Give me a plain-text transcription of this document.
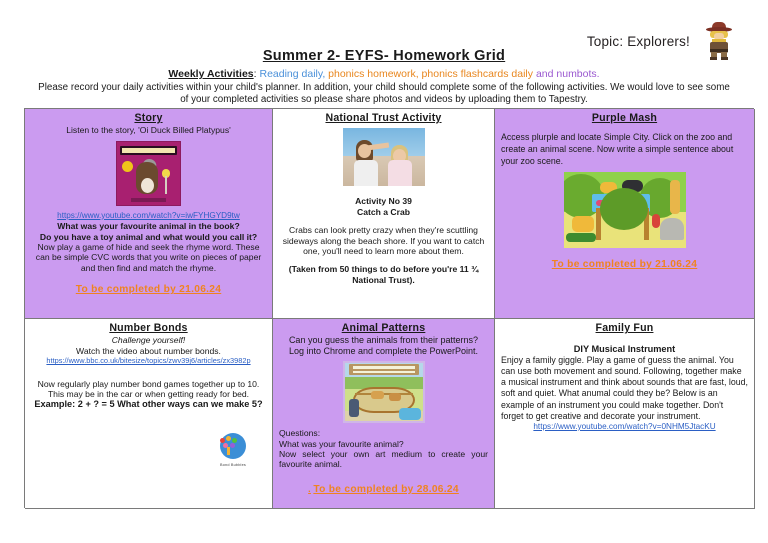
Topic: Explorers!
Summer 2- EYFS- Homework Grid
Weekly Activities: Reading daily, phonics homework, phonics flashcards daily and numbots.
Please record your daily activities within your child's planner. In addition, your child should complete some of the following activities. We would love to see some of your completed activities so please share photos and videos by uploading them to Tapestry.
Story
Listen to the story, 'Oi Duck Billed Platypus'
https://www.youtube.com/watch?v=iwFYHGYD9tw
What was your favourite animal in the book?
Do you have a toy animal and what would you call it?
Now play a game of hide and seek the rhyme word. These can be simple CVC words that you write on pieces of paper and then find and match the rhyme.
To be completed by 21.06.24
National Trust Activity
Activity No 39
Catch a Crab
Crabs can look pretty crazy when they're scuttling sideways along the beach shore. If you want to catch one, you'll need to learn more about them.
(Taken from 50 things to do before you're 11 ¾ National Trust).
Purple Mash
Access plurple and locate Simple City. Click on the zoo and create an animal scene. Now write a simple sentence about your zoo scene.
To be completed by 21.06.24
Number Bonds
Challenge yourself!
Watch the video about number bonds.
https://www.bbc.co.uk/bitesize/topics/zwv39j6/articles/zx3982p
Now regularly play number bond games together up to 10.
This may be in the car or when getting ready for bed.
Example: 2 + ? = 5 What other ways can we make 5?
Bond Bubbles
Animal Patterns
Can you guess the animals from their patterns?
Log into Chrome and complete the PowerPoint.
Questions:
What was your favourite animal?
Now select your own art medium to create your favourite animal.
. To be completed by 28.06.24
Family Fun
DIY Musical Instrument
Enjoy a family giggle. Play a game of guess the animal. You can use both movement and sound. Following, together make a musical instrument and think about sounds that are fast, loud, soft and quiet. What anumal could they be? Below is an example of an instrument you could make together. Don't forget to get creative and decorate your instrument.
https://www.youtube.com/watch?v=0NHM5JtacKU
